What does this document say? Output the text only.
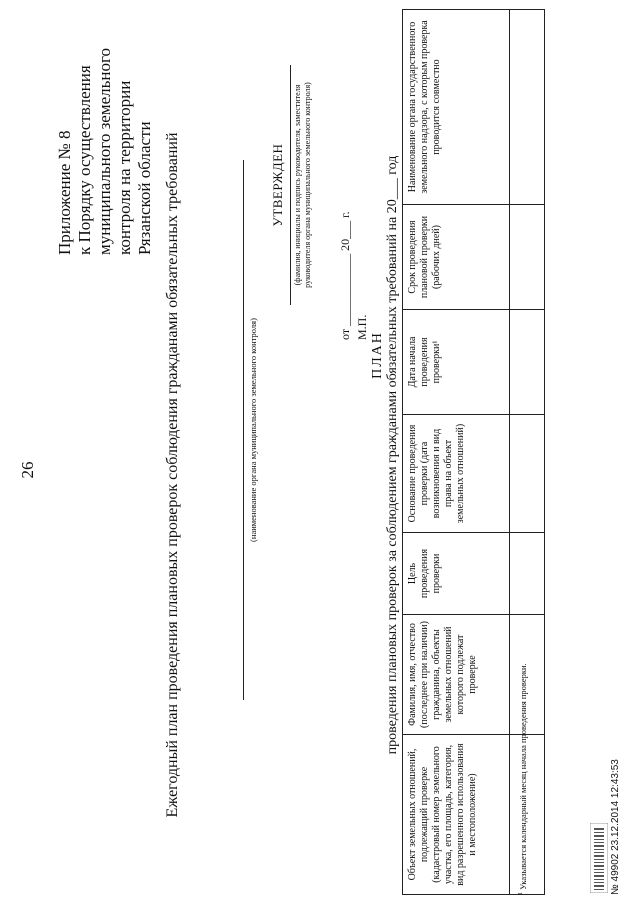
26
Приложение № 8 к Порядку осуществления муниципального земельного контроля на территории Рязанской области Ежегодный план проведения плановых проверок соблюдения гражданами обязательных требований	(наименование органа муниципального земельного контроля)
УТВЕРЖДЕН (фамилия, инициалы и подпись руководителя, заместителя руководителя органа муниципального земельного контроля) от ____________ 20___ г. М.П.
ПЛАН проведения плановых проверок за соблюдением гражданами обязательных требований на 20___ год
Объект земельных отношений, подлежащий проверке (кадастровый номер земельного участка, его площадь, категория, вид разрешенного использования и местоположение)	Фамилия, имя, отчество (последнее при наличии) гражданина, объекты земельных отношений которого подлежат проверке	Цель проведения проверки	Основание проведения проверки (дата возникновения и вид права на объект земельных отношений)	Дата начала проведения проверки¹	Срок проведения плановой проверки (рабочих дней)	Наименование органа государственного земельного надзора, с которым проверка проводится совместно

$^1$ Указывается календарный месяц начала проведения проверки.	№ 49902 23.12.2014 12:43:53
